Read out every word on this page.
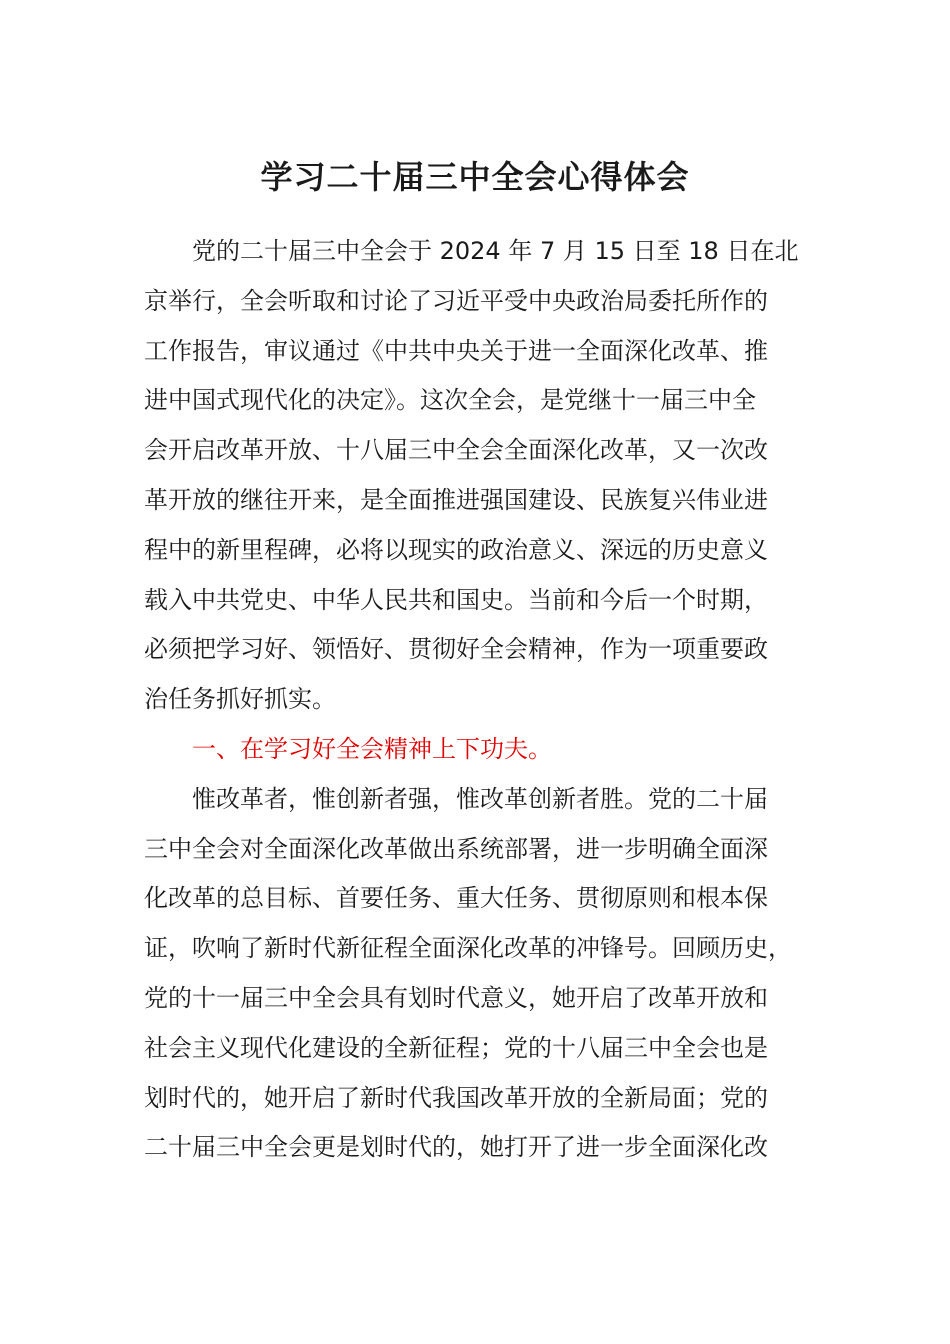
学习二十届三中全会心得体会
党的二十届三中全会于 2024 年 7 月 15 日至 18 日在北
京举行，全会听取和讨论了习近平受中央政治局委托所作的
工作报告，审议通过《中共中央关于进一全面深化改革、推
进中国式现代化的决定》。这次全会，是党继十一届三中全
会开启改革开放、十八届三中全会全面深化改革，又一次改
革开放的继往开来，是全面推进强国建设、民族复兴伟业进
程中的新里程碑，必将以现实的政治意义、深远的历史意义
载入中共党史、中华人民共和国史。当前和今后一个时期，
必须把学习好、领悟好、贯彻好全会精神，作为一项重要政
治任务抓好抓实。
一、在学习好全会精神上下功夫。
惟改革者，惟创新者强，惟改革创新者胜。党的二十届
三中全会对全面深化改革做出系统部署，进一步明确全面深
化改革的总目标、首要任务、重大任务、贯彻原则和根本保
证，吹响了新时代新征程全面深化改革的冲锋号。回顾历史，
党的十一届三中全会具有划时代意义，她开启了改革开放和
社会主义现代化建设的全新征程；党的十八届三中全会也是
划时代的，她开启了新时代我国改革开放的全新局面；党的
二十届三中全会更是划时代的，她打开了进一步全面深化改
